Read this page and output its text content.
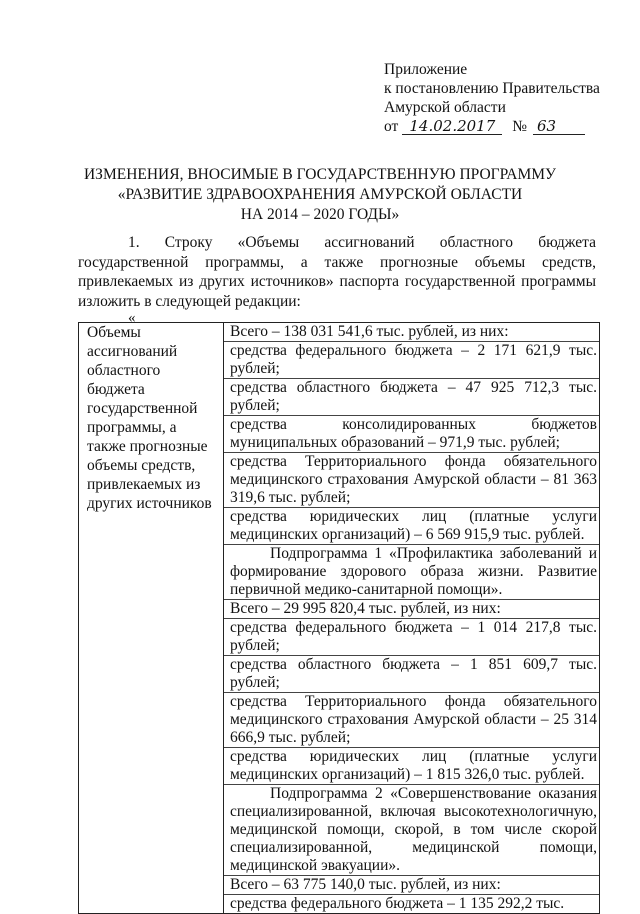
Приложение
к постановлению Правительства
Амурской области
от 14.02.2017 № 63
ИЗМЕНЕНИЯ, ВНОСИМЫЕ В ГОСУДАРСТВЕННУЮ ПРОГРАММУ
«РАЗВИТИЕ ЗДРАВООХРАНЕНИЯ АМУРСКОЙ ОБЛАСТИ
НА 2014 – 2020 ГОДЫ»
1. Строку «Объемы ассигнований областного бюджета государственной программы, а также прогнозные объемы средств, привлекаемых из других источников» паспорта государственной программы изложить в следующей редакции:
«
Объемы ассигнований областного бюджета государственной программы, а также прогнозные объемы средств, привлекаемых из других источников	
Всего – 138 031 541,6 тыс. рублей, из них:
средства федерального бюджета – 2 171 621,9 тыс. рублей;
средства областного бюджета – 47 925 712,3 тыс. рублей;
средства консолидированных бюджетов муниципальных образований – 971,9 тыс. рублей;
средства Территориального фонда обязательного медицинского страхования Амурской области – 81 363 319,6 тыс. рублей;
средства юридических лиц (платные услуги медицинских организаций) – 6 569 915,9 тыс. рублей.
Подпрограмма 1 «Профилактика заболеваний и формирование здорового образа жизни. Развитие первичной медико-санитарной помощи».
Всего – 29 995 820,4 тыс. рублей, из них:
средства федерального бюджета – 1 014 217,8 тыс. рублей;
средства областного бюджета – 1 851 609,7 тыс. рублей;
средства Территориального фонда обязательного медицинского страхования Амурской области – 25 314 666,9 тыс. рублей;
средства юридических лиц (платные услуги медицинских организаций) – 1 815 326,0 тыс. рублей.
Подпрограмма 2 «Совершенствование оказания специализированной, включая высокотехнологичную, медицинской помощи, скорой, в том числе скорой специализированной, медицинской помощи, медицинской эвакуации».
Всего – 63 775 140,0 тыс. рублей, из них:
средства федерального бюджета – 1 135 292,2 тыс.
